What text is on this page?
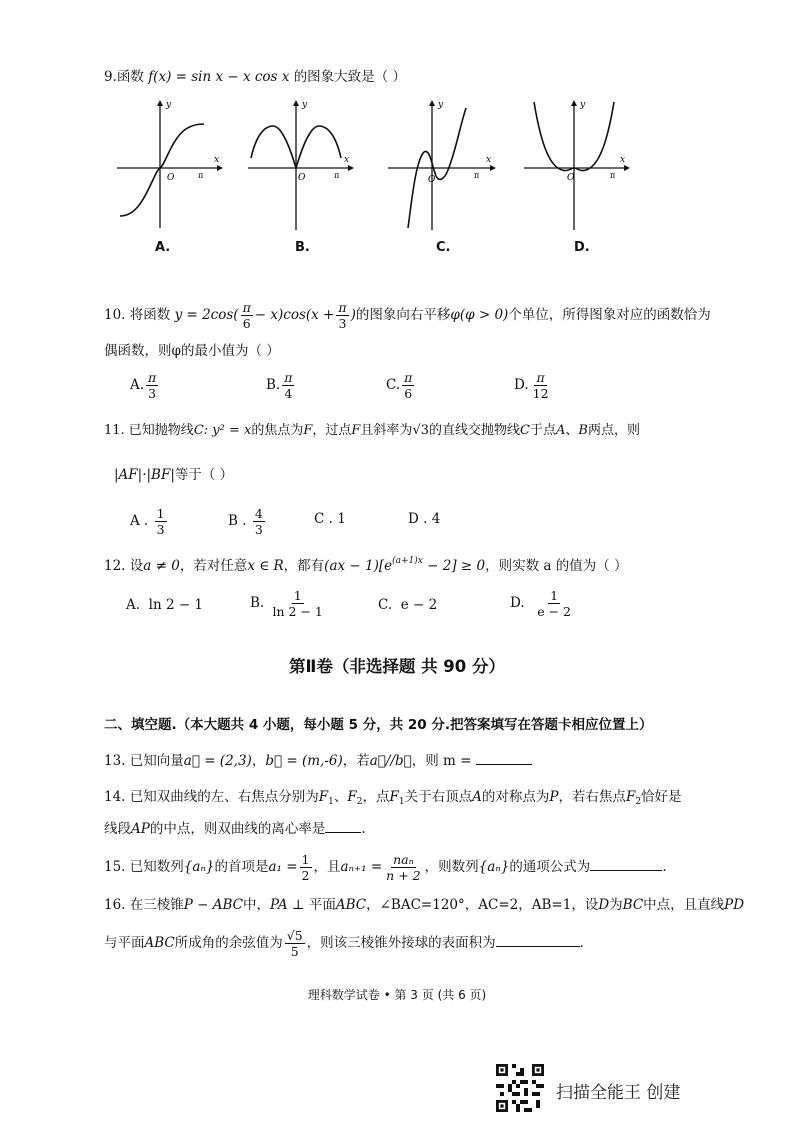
9.函数 f(x) = sin x − x cos x 的图象大致是（ ）
O	π
x
y
A.
O	π
x
y
B.
O	π
x
y
C.
O	π
x
y
D.
10. 将函数 $y = 2\cos( \frac{\pi}{6} - x)\cos(x + \frac{\pi}{3}$ )的图象向右平移φ(φ > 0)个单位，所得图象对应的函数恰为
偶函数，则φ的最小值为（ ）
A. $\frac{\pi}{3}$	B. $\frac{\pi}{4}$	C. $\frac{\pi}{6}$	D. $\frac{\pi}{12}$
11. 已知抛物线C: y² = x的焦点为F，过点F且斜率为√3的直线交抛物线C于点A、B两点，则
|AF|·|BF|等于（ ）
A . $\frac{1}{3}$	B . $\frac{4}{3}$	C . 1	D . 4
12. 设a ≠ 0，若对任意x ∈ R，都有$(ax - 1)[e^{(a+1)x} - 2] \ge 0$，则实数 a 的值为（ ）
A. ln 2 − 1	B. $\frac{1}{\ln 2 - 1}$	C. e − 2	D. $\frac{1}{e - 2}$
第Ⅱ卷（非选择题 共 90 分）
二、填空题.（本大题共 4 小题，每小题 5 分，共 20 分.把答案填写在答题卡相应位置上）
13. 已知向量a⃗ = (2,3)，b⃗ = (m,-6)，若a⃗//b⃗，则 m =
14. 已知双曲线的左、右焦点分别为$F_1$、$F_2$，点$F_1$关于右顶点A的对称点为P，若右焦点$F_2$恰好是
线段AP的中点，则双曲线的离心率是	.
15. 已知数列{aₙ}的首项是$a_1 = \frac{1}{2}$ ，且$a_{n+1} = \frac{\text{naₙ}}{n + 2}$ ，则数列{aₙ}的通项公式为	.
16. 在三棱锥P − ABC中，PA ⊥ 平面ABC，∠BAC=120°，AC=2，AB=1，设D为BC中点，且直线PD
与平面ABC所成角的余弦值为 $\frac{√5}{5}$ ，则该三棱锥外接球的表面积为	.
理科数学试卷 • 第 3 页 (共 6 页)
扫描全能王 创建
